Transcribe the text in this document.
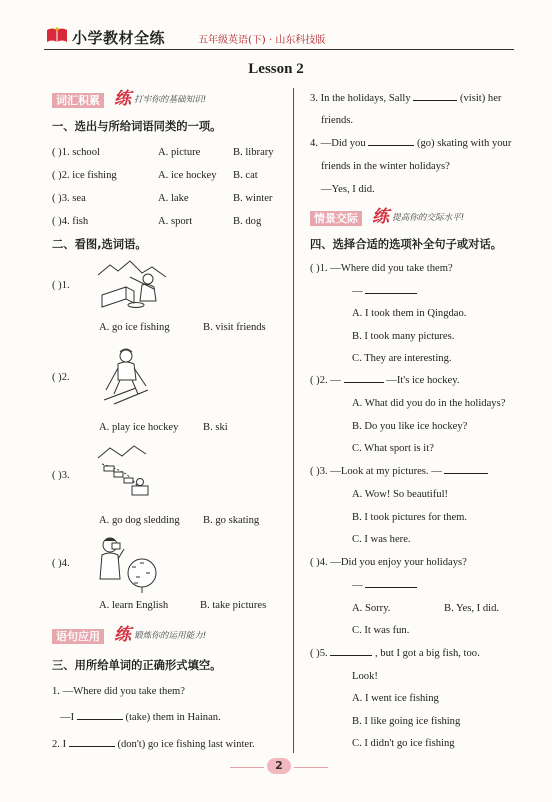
小学教材全练	五年级英语(下) · 山东科技版
Lesson 2
词汇积累 练 打牢你的基础知识!
一、选出与所给词语同类的一项。
( )1. school	A. picture	B. library
( )2. ice fishing	A. ice hockey B. cat
( )3. sea	A. lake	B. winter
( )4. fish	A. sport	B. dog
二、看图,选词语。
( )1.
A. go ice fishing	B. visit friends
( )2.
A. play ice hockey B. ski
( )3.
A. go dog sledding B. go skating
( )4.
A. learn English	B. take pictures
语句应用 练 锻炼你的运用能力!
三、用所给单词的正确形式填空。
1. —Where did you take them?
—I	(take) them in Hainan.
2. I	(don't) go ice fishing last winter.
3. In the holidays, Sally	(visit) her
friends.
4. —Did you	(go) skating with your
friends in the winter holidays?
—Yes, I did.
情景交际 练 提高你的交际水平!
四、选择合适的选项补全句子或对话。
( )1. —Where did you take them?
—
A. I took them in Qingdao.
B. I took many pictures.
C. They are interesting.
( )2. —	—It's ice hockey.
A. What did you do in the holidays?
B. Do you like ice hockey?
C. What sport is it?
( )3. —Look at my pictures. —
A. Wow! So beautiful!
B. I took pictures for them.
C. I was here.
( )4. —Did you enjoy your holidays?
—
A. Sorry.	B. Yes, I did.
C. It was fun.
( )5.	, but I got a big fish, too.
Look!
A. I went ice fishing
B. I like going ice fishing
C. I didn't go ice fishing
2
